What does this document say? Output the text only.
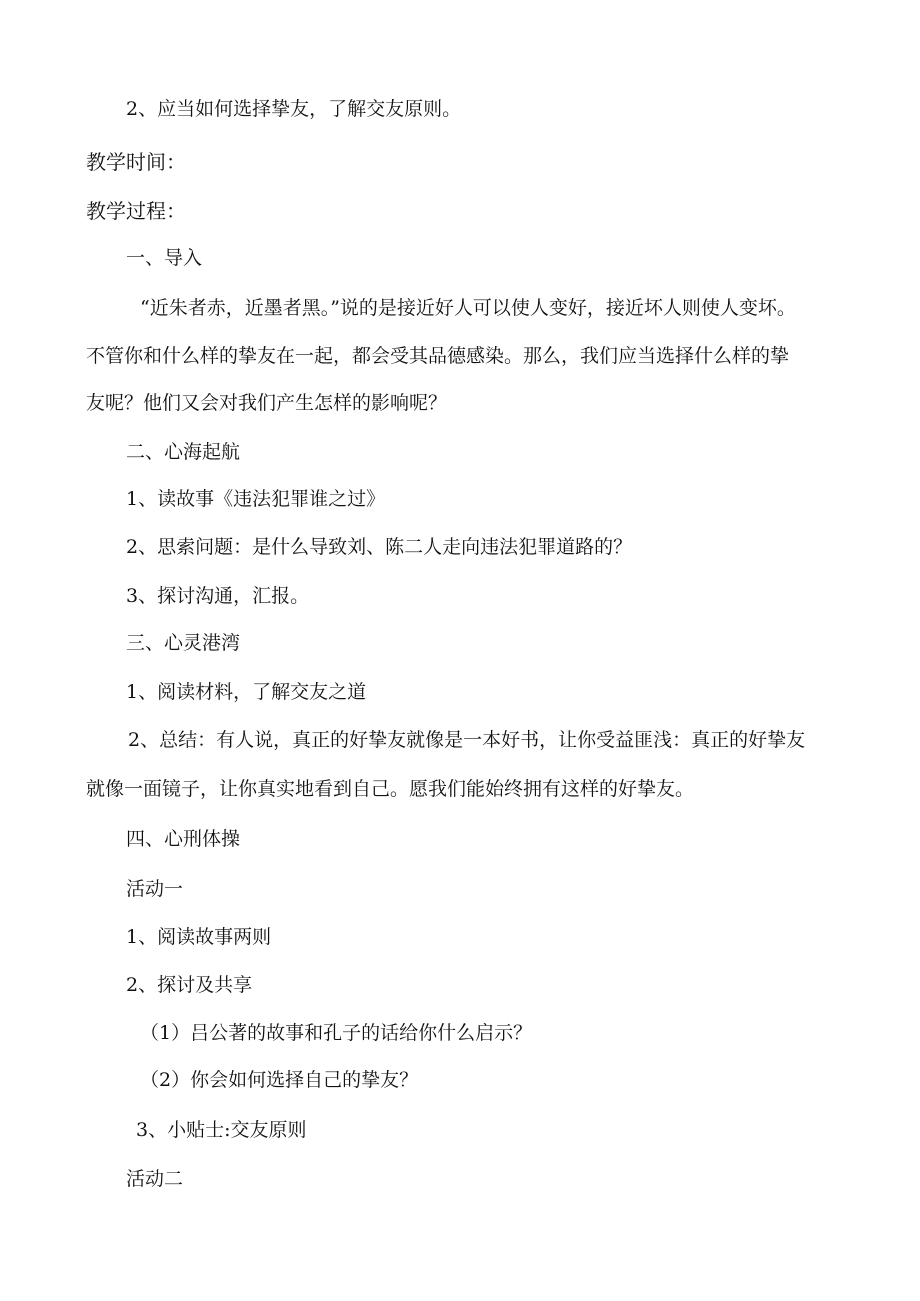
2、应当如何选择挚友，了解交友原则。
教学时间：
教学过程：
一、导入
“近朱者赤，近墨者黑。”说的是接近好人可以使人变好，接近坏人则使人变坏。
不管你和什么样的挚友在一起，都会受其品德感染。那么，我们应当选择什么样的挚
友呢？他们又会对我们产生怎样的影响呢？
二、心海起航
1、读故事《违法犯罪谁之过》
2、思索问题：是什么导致刘、陈二人走向违法犯罪道路的？
3、探讨沟通，汇报。
三、心灵港湾
1、阅读材料，了解交友之道
2、总结：有人说，真正的好挚友就像是一本好书，让你受益匪浅：真正的好挚友
就像一面镜子，让你真实地看到自己。愿我们能始终拥有这样的好挚友。
四、心刑体操
活动一
1、阅读故事两则
2、探讨及共享
（1）吕公著的故事和孔子的话给你什么启示？
（2）你会如何选择自己的挚友？
3、小贴士:交友原则
活动二
